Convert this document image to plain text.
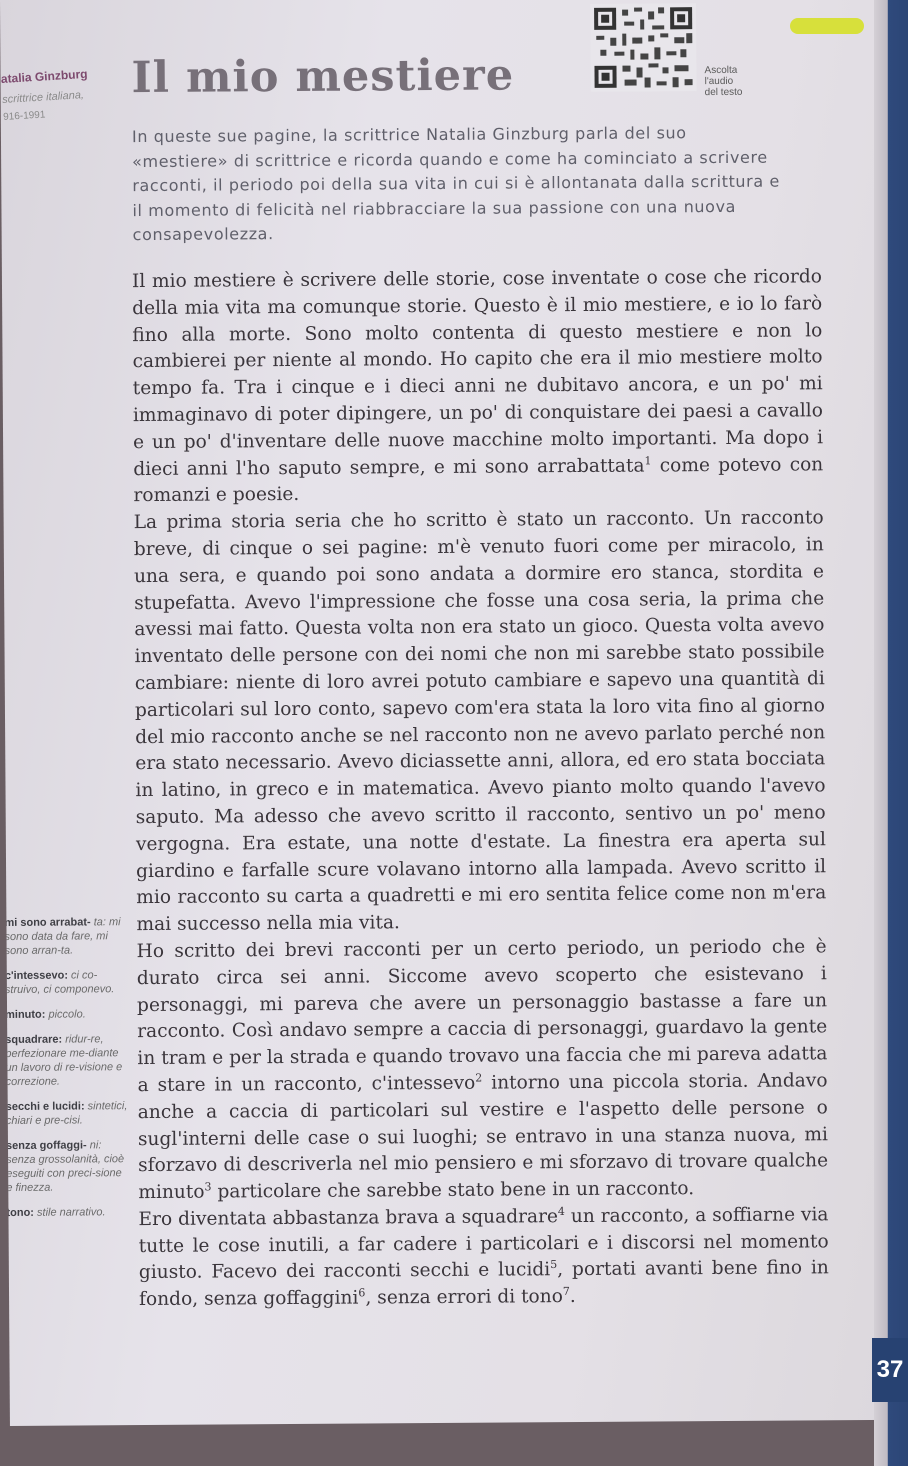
atalia Ginzburg
scrittrice italiana,
916-1991
Il mio mestiere	Ascolta
l'audio
del testo

In queste sue pagine, la scrittrice Natalia Ginzburg parla del suo «mestiere» di scrittrice e ricorda quando e come ha cominciato a scrivere racconti, il periodo poi della sua vita in cui si è allontanata dalla scrittura e il momento di felicità nel riabbracciare la sua passione con una nuova consapevolezza.

Il mio mestiere è scrivere delle storie, cose inventate o cose che ricordo della mia vita ma comunque storie. Questo è il mio mestiere, e io lo farò fino alla morte. Sono molto contenta di questo mestiere e non lo cambierei per niente al mondo. Ho capito che era il mio mestiere molto tempo fa. Tra i cinque e i dieci anni ne dubitavo ancora, e un po' mi immaginavo di poter dipingere, un po' di conquistare dei paesi a cavallo e un po' d'inventare delle nuove macchine molto importanti. Ma dopo i dieci anni l'ho saputo sempre, e mi sono arrabattata$^1$ come potevo con romanzi e poesie.

La prima storia seria che ho scritto è stato un racconto. Un racconto breve, di cinque o sei pagine: m'è venuto fuori come per miracolo, in una sera, e quando poi sono andata a dormire ero stanca, stordita e stupefatta. Avevo l'impressione che fosse una cosa seria, la prima che avessi mai fatto. Questa volta non era stato un gioco. Questa volta avevo inventato delle persone con dei nomi che non mi sarebbe stato possibile cambiare: niente di loro avrei potuto cambiare e sapevo una quantità di particolari sul loro conto, sapevo com'era stata la loro vita fino al giorno del mio racconto anche se nel racconto non ne avevo parlato perché non era stato necessario. Avevo diciassette anni, allora, ed ero stata bocciata in latino, in greco e in matematica. Avevo pianto molto quando l'avevo saputo. Ma adesso che avevo scritto il racconto, sentivo un po' meno vergogna. Era estate, una notte d'estate. La finestra era aperta sul giardino e farfalle scure volavano intorno alla lampada. Avevo scritto il mio racconto su carta a quadretti e mi ero sentita felice come non m'era mai successo nella mia vita.

Ho scritto dei brevi racconti per un certo periodo, un periodo che è durato circa sei anni. Siccome avevo scoperto che esistevano i personaggi, mi pareva che avere un personaggio bastasse a fare un racconto. Così andavo sempre a caccia di personaggi, guardavo la gente in tram e per la strada e quando trovavo una faccia che mi pareva adatta a stare in un racconto, c'intessevo$^2$ intorno una piccola storia. Andavo anche a caccia di particolari sul vestire e l'aspetto delle persone o sugl'interni delle case o sui luoghi; se entravo in una stanza nuova, mi sforzavo di descriverla nel mio pensiero e mi sforzavo di trovare qualche minuto$^3$ particolare che sarebbe stato bene in un racconto.

Ero diventata abbastanza brava a squadrare$^4$ un racconto, a soffiarne via tutte le cose inutili, a far cadere i particolari e i discorsi nel momento giusto. Facevo dei racconti secchi e lucidi$^5$, portati avanti bene fino in fondo, senza goffaggini$^6$, senza errori di tono$^7$.

mi sono arrabat- ta: mi sono data da fare, mi sono arran-ta.
c'intessevo: ci co-struivo, ci componevo.
minuto: piccolo.
squadrare: ridur-re, perfezionare me-diante un lavoro di re-visione e correzione.
secchi e lucidi: sintetici, chiari e pre-cisi.
senza goffaggi- ni: senza grossolanità, cioè eseguiti con preci-sione e finezza.
tono: stile narrativo.
37
